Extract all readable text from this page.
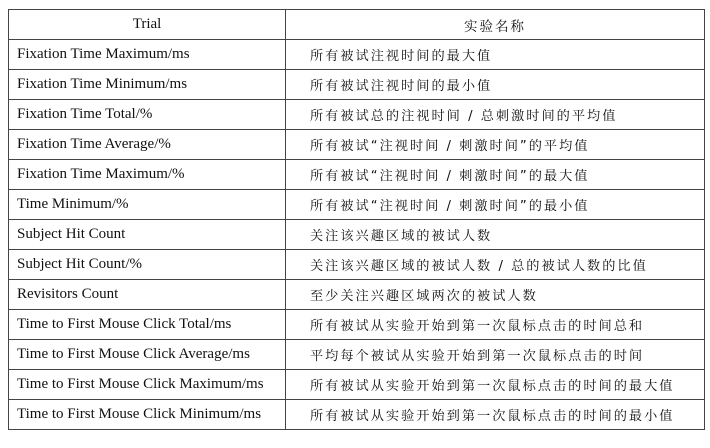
Trial	实验名称
Fixation Time Maximum/ms	所有被试注视时间的最大值
Fixation Time Minimum/ms	所有被试注视时间的最小值
Fixation Time Total/%	所有被试总的注视时间 / 总刺激时间的平均值
Fixation Time Average/%	所有被试“注视时间 / 刺激时间”的平均值
Fixation Time Maximum/%	所有被试“注视时间 / 刺激时间”的最大值
Time Minimum/%	所有被试“注视时间 / 刺激时间”的最小值
Subject Hit Count	关注该兴趣区域的被试人数
Subject Hit Count/%	关注该兴趣区域的被试人数 / 总的被试人数的比值
Revisitors Count	至少关注兴趣区域两次的被试人数
Time to First Mouse Click Total/ms	所有被试从实验开始到第一次鼠标点击的时间总和
Time to First Mouse Click Average/ms	平均每个被试从实验开始到第一次鼠标点击的时间
Time to First Mouse Click Maximum/ms	所有被试从实验开始到第一次鼠标点击的时间的最大值
Time to First Mouse Click Minimum/ms	所有被试从实验开始到第一次鼠标点击的时间的最小值
